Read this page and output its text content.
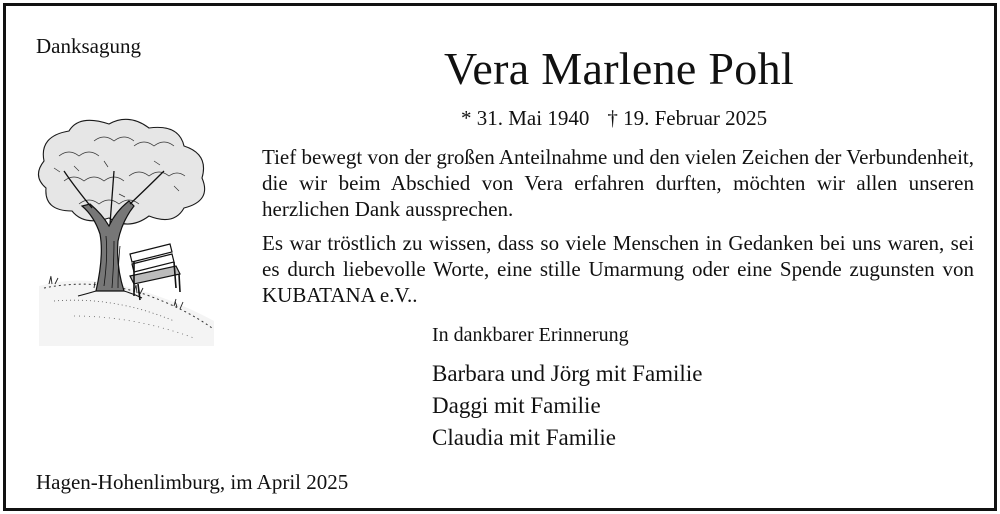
Danksagung	Vera Marlene Pohl
* 31. Mai 1940 † 19. Februar 2025

Tief bewegt von der großen Anteilnahme und den vielen Zeichen der Verbundenheit, die wir beim Abschied von Vera erfahren durften, möchten wir allen unseren herzlichen Dank aussprechen.

Es war tröstlich zu wissen, dass so viele Menschen in Gedanken bei uns waren, sei es durch liebevolle Worte, eine stille Umarmung oder eine Spende zugunsten von KUBATANA e.V..

In dankbarer Erinnerung

Barbara und Jörg mit Familie
Daggi mit Familie
Claudia mit Familie

Hagen-Hohenlimburg, im April 2025
